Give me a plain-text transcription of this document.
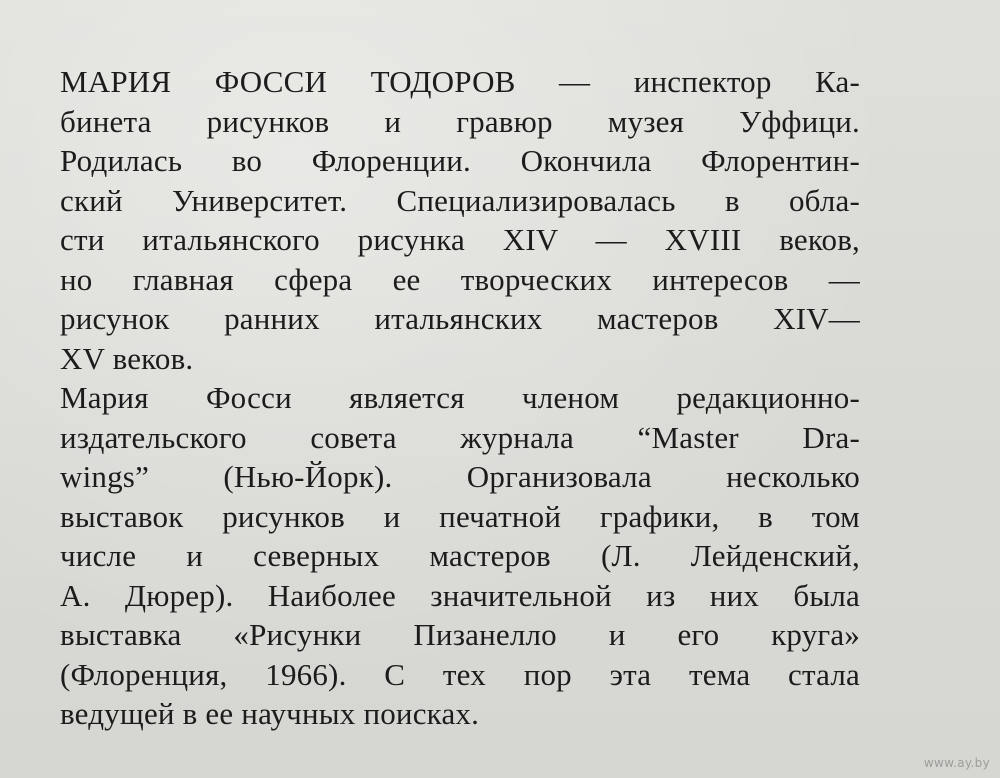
МАРИЯ ФОССИ ТОДОРОВ — инспектор Ка-
бинета рисунков и гравюр музея Уффици.
Родилась во Флоренции. Окончила Флорентин-
ский Университет. Специализировалась в обла-
сти итальянского рисунка XIV — XVIII веков,
но главная сфера ее творческих интересов —
рисунок ранних итальянских мастеров XIV—
XV веков.
Мария Фосси является членом редакционно-
издательского совета журнала “Master Dra-
wings” (Нью-Йорк). Организовала несколько
выставок рисунков и печатной графики, в том
числе и северных мастеров (Л. Лейденский,
А. Дюрер). Наиболее значительной из них была
выставка «Рисунки Пизанелло и его круга»
(Флоренция, 1966). С тех пор эта тема стала
ведущей в ее научных поисках.
www.ay.by
